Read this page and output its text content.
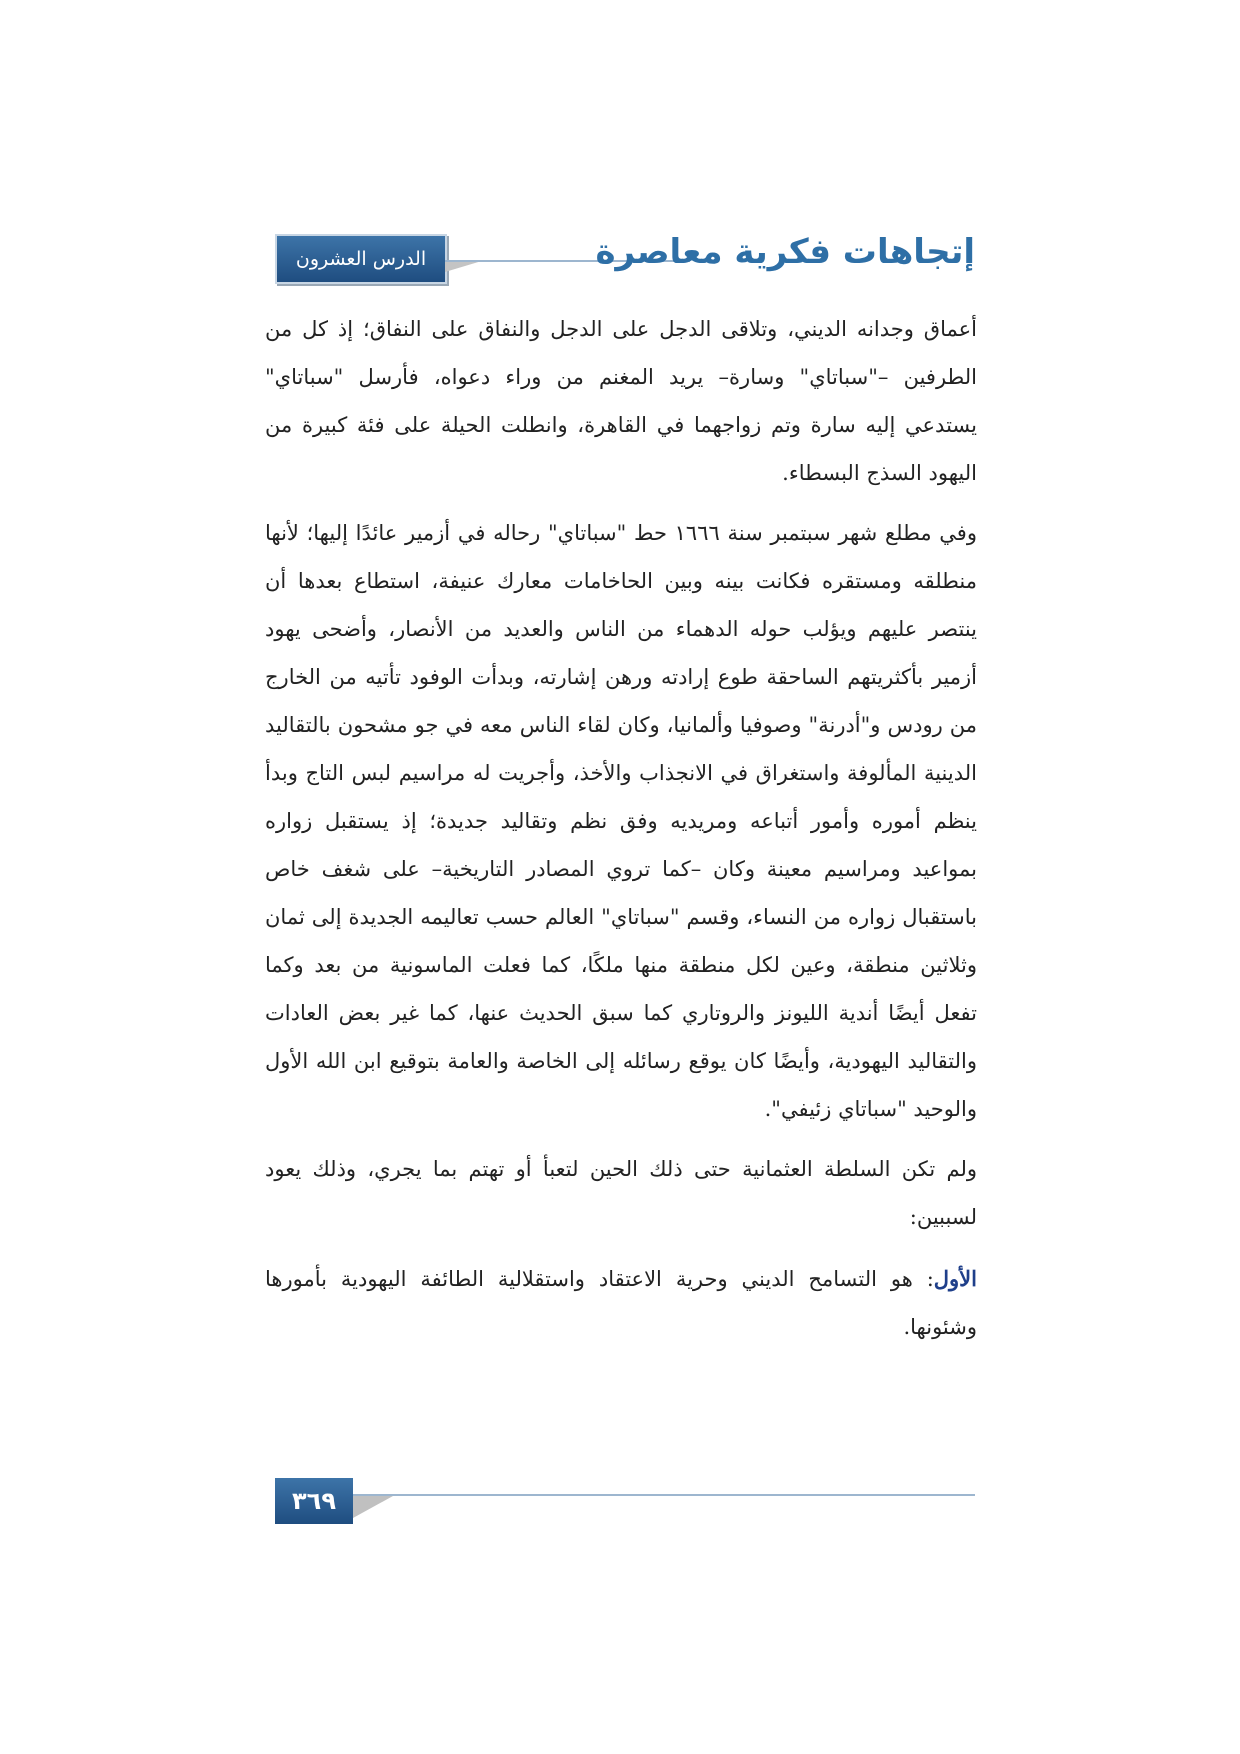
الدرس العشرون	إتجاهات فكرية معاصرة

أعماق وجدانه الديني، وتلاقى الدجل على الدجل والنفاق على النفاق؛ إذ كل من الطرفين –"سباتاي" وسارة– يريد المغنم من وراء دعواه، فأرسل "سباتاي" يستدعي إليه سارة وتم زواجهما في القاهرة، وانطلت الحيلة على فئة كبيرة من اليهود السذج البسطاء.

وفي مطلع شهر سبتمبر سنة ١٦٦٦ حط "سباتاي" رحاله في أزمير عائدًا إليها؛ لأنها منطلقه ومستقره فكانت بينه وبين الحاخامات معارك عنيفة، استطاع بعدها أن ينتصر عليهم ويؤلب حوله الدهماء من الناس والعديد من الأنصار، وأضحى يهود أزمير بأكثريتهم الساحقة طوع إرادته ورهن إشارته، وبدأت الوفود تأتيه من الخارج من رودس و"أدرنة" وصوفيا وألمانيا، وكان لقاء الناس معه في جو مشحون بالتقاليد الدينية المألوفة واستغراق في الانجذاب والأخذ، وأجريت له مراسيم لبس التاج وبدأ ينظم أموره وأمور أتباعه ومريديه وفق نظم وتقاليد جديدة؛ إذ يستقبل زواره بمواعيد ومراسيم معينة وكان –كما تروي المصادر التاريخية– على شغف خاص باستقبال زواره من النساء، وقسم "سباتاي" العالم حسب تعاليمه الجديدة إلى ثمان وثلاثين منطقة، وعين لكل منطقة منها ملكًا، كما فعلت الماسونية من بعد وكما تفعل أيضًا أندية الليونز والروتاري كما سبق الحديث عنها، كما غير بعض العادات والتقاليد اليهودية، وأيضًا كان يوقع رسائله إلى الخاصة والعامة بتوقيع ابن الله الأول والوحيد "سباتاي زئيفي".

ولم تكن السلطة العثمانية حتى ذلك الحين لتعبأ أو تهتم بما يجري، وذلك يعود لسببين:

الأول: هو التسامح الديني وحرية الاعتقاد واستقلالية الطائفة اليهودية بأمورها وشئونها.

٣٦٩
